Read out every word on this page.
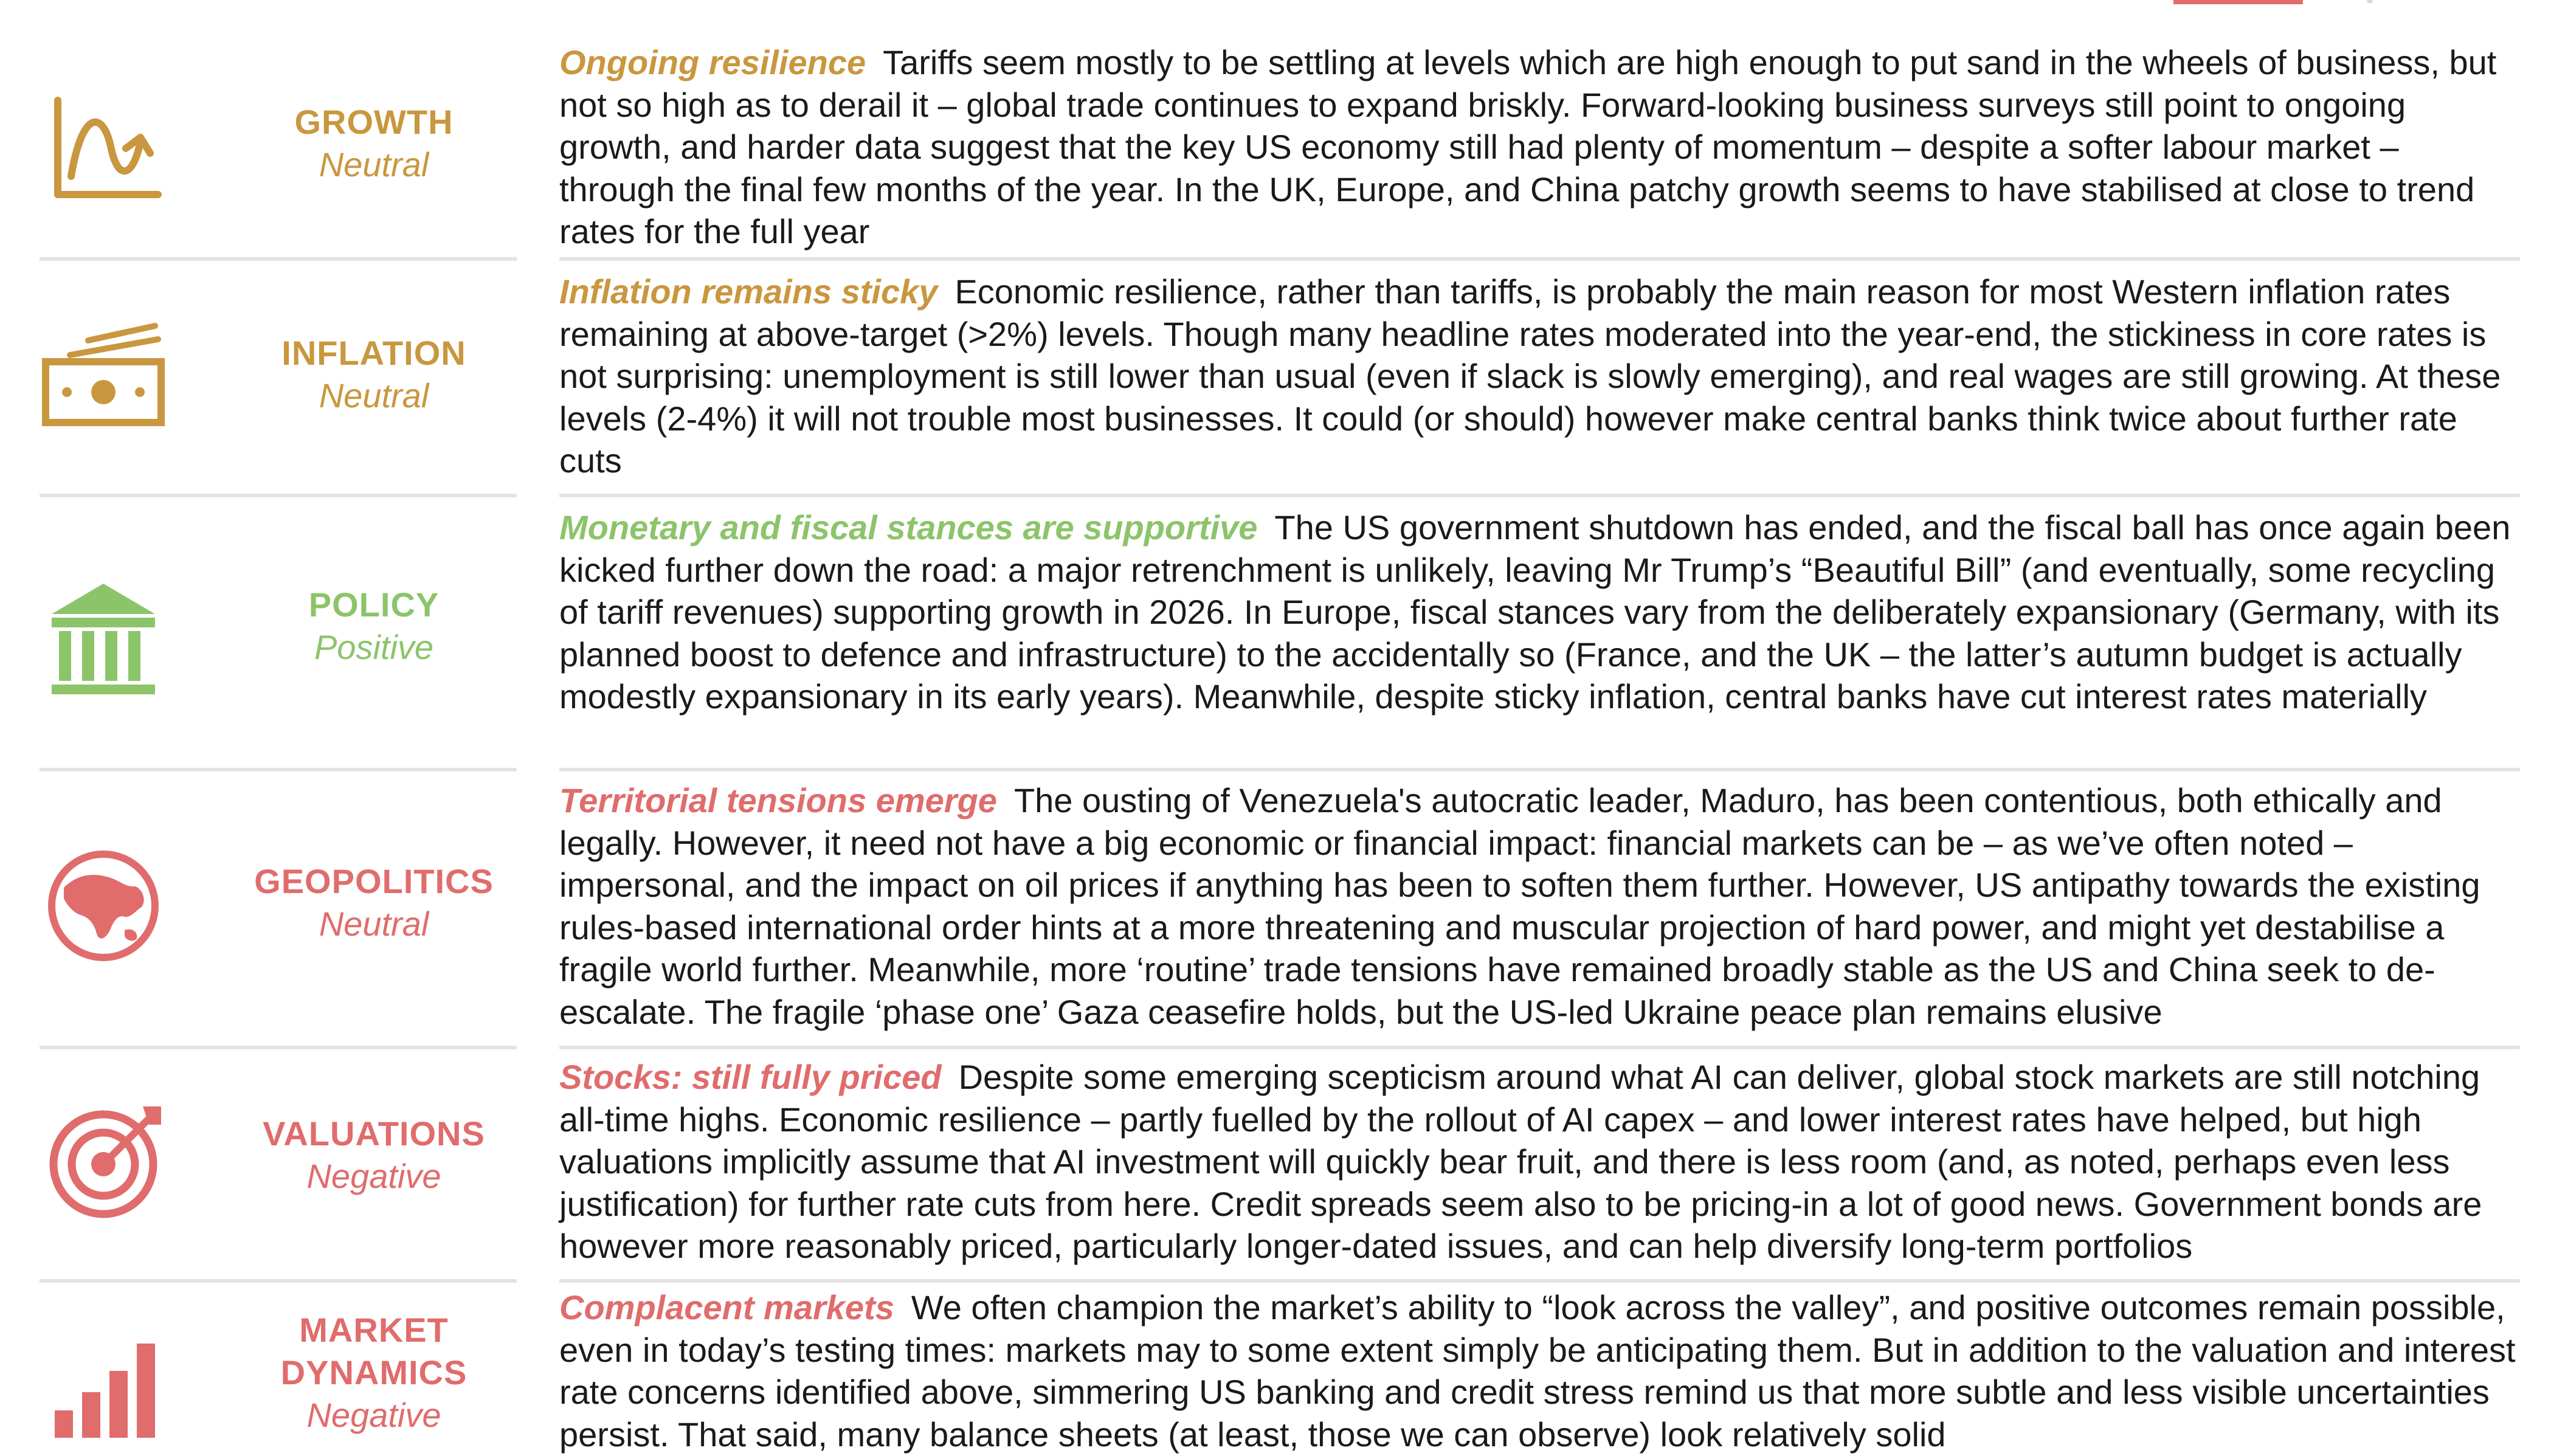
GROWTH
Neutral
Ongoing resilience Tariffs seem mostly to be settling at levels which are high enough to put sand in the wheels of business, but not so high as to derail it – global trade continues to expand briskly. Forward-looking business surveys still point to ongoing growth, and harder data suggest that the key US economy still had plenty of momentum – despite a softer labour market – through the final few months of the year. In the UK, Europe, and China patchy growth seems to have stabilised at close to trend rates for the full year
INFLATION
Neutral
Inflation remains sticky Economic resilience, rather than tariffs, is probably the main reason for most Western inflation rates remaining at above-target (>2%) levels. Though many headline rates moderated into the year-end, the stickiness in core rates is not surprising: unemployment is still lower than usual (even if slack is slowly emerging), and real wages are still growing. At these levels (2-4%) it will not trouble most businesses. It could (or should) however make central banks think twice about further rate cuts
POLICY
Positive
Monetary and fiscal stances are supportive The US government shutdown has ended, and the fiscal ball has once again been kicked further down the road: a major retrenchment is unlikely, leaving Mr Trump’s “Beautiful Bill” (and eventually, some recycling of tariff revenues) supporting growth in 2026. In Europe, fiscal stances vary from the deliberately expansionary (Germany, with its planned boost to defence and infrastructure) to the accidentally so (France, and the UK – the latter’s autumn budget is actually modestly expansionary in its early years). Meanwhile, despite sticky inflation, central banks have cut interest rates materially
GEOPOLITICS
Neutral
Territorial tensions emerge The ousting of Venezuela's autocratic leader, Maduro, has been contentious, both ethically and legally. However, it need not have a big economic or financial impact: financial markets can be – as we’ve often noted – impersonal, and the impact on oil prices if anything has been to soften them further. However, US antipathy towards the existing rules-based international order hints at a more threatening and muscular projection of hard power, and might yet destabilise a fragile world further. Meanwhile, more ‘routine’ trade tensions have remained broadly stable as the US and China seek to de-escalate. The fragile ‘phase one’ Gaza ceasefire holds, but the US-led Ukraine peace plan remains elusive
VALUATIONS
Negative
Stocks: still fully priced Despite some emerging scepticism around what AI can deliver, global stock markets are still notching all-time highs. Economic resilience – partly fuelled by the rollout of AI capex – and lower interest rates have helped, but high valuations implicitly assume that AI investment will quickly bear fruit, and there is less room (and, as noted, perhaps even less justification) for further rate cuts from here. Credit spreads seem also to be pricing-in a lot of good news. Government bonds are however more reasonably priced, particularly longer-dated issues, and can help diversify long-term portfolios
MARKET
DYNAMICS
Negative
Complacent markets We often champion the market’s ability to “look across the valley”, and positive outcomes remain possible, even in today’s testing times: markets may to some extent simply be anticipating them. But in addition to the valuation and interest rate concerns identified above, simmering US banking and credit stress remind us that more subtle and less visible uncertainties persist. That said, many balance sheets (at least, those we can observe) look relatively solid
